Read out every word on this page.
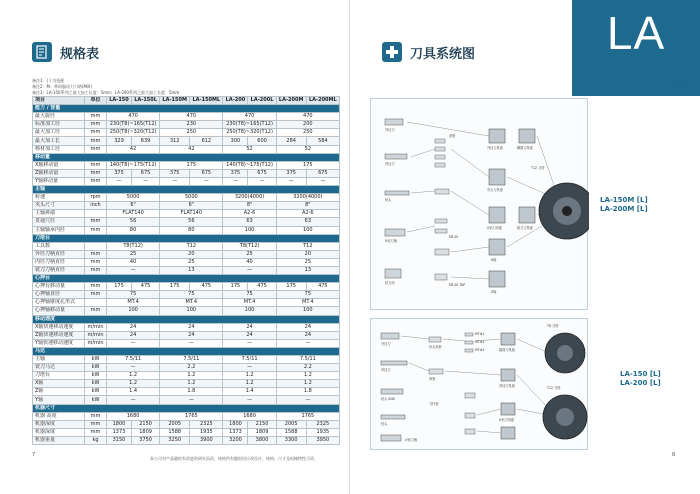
规格表
备注1：( ) 为选配
备注2：M：带伺服动力刀塔(Mill)
备注3：LA-150系列之最大加工长度：5mm；LA-200系列之最大加工长度：5mm
项目	单位	LA-150	LA-150L	LA-150M	LA-150ML	LA-200	LA-200L	LA-200M	LA-200ML
能力 / 容量									
最大旋径	mm	470		470		470		470	
标准加工径	mm	230(T8)~165(T12)		230		230(T8)~165(T12)		200	
最大加工径	mm	250(T8)~320(T12)		250		250(T8)~320(T12)		250	
最大加工长	mm	329	639	312	612	300	600	284	584
棒材加工径	mm	42		42		52		52	
移动量									
X轴移动量	mm	140(T8)~175(T12)		175		140(T8)~175(T12)		175	
Z轴移动量	mm	375	675	375	675	375	675	375	675
Y轴移动量	mm	—	—	—	—	—	—	—	—
主轴									
转速	rpm	5000		5000		3200(4000)		3200(4000)	
夹头尺寸	inch	6"		6"		8"		8"	
主轴鼻端		FLAT140		FLAT140		A2-6		A2-6	
贯通穴径	mm	56		56		63		63	
主轴轴承内径	mm	80		80		100		100	
刀塔台									
工具数		T8(T12)		T12		T8(T12)		T12	
外径刀柄直径	mm	25		20		25		20	
内径刀柄直径	mm	40		25		40		25	
铣刀刀柄直径	mm	—		13		—		13	
心押台									
心押台移动量	mm	175	475	175	475	175	475	175	475
心押轴直径	mm	75		75		75		75	
心押轴锥度孔形式		MT.4		MT.4		MT.4		MT.4	
心押轴移动量	mm	100		100		100		100	
移动速度									
X轴快速移动速度	m/min	24		24		24		24	
Z轴快速移动速度	m/min	24		24		24		24	
Y轴快速移动速度	m/min	—		—		—		—	
马达									
主轴	kW	7.5/11		7.5/11		7.5/11		7.5/11	
铣刀马达	kW	—		2.2		—		2.2	
刀塔台	kW	1.2		1.2		1.2		1.2	
X轴	kW	1.2		1.2		1.2		1.2	
Z轴	kW	1.4		1.8		1.4		1.8	
Y轴	kW	—		—		—		—	
机器尺寸									
机器 高度	mm	1680		1765		1680		1765	
机器深度	mm	1800	2150	2005	2325	1800	2150	2005	2325
机器深度	mm	1373	1809	1588	1935	1373	1809	1588	1935
机器重量	kg	3150	3750	3250	3900	3200	3800	3300	3950
本公司对产品随时有改进的研究而改，规格所有随时因应改设计，规格，尺寸及机械特性可改。
7
LA
150/200 系列
刀具系统图
外径刀
内径刀
钻头
U钻刀柄
套管
ER-20
ER-20 TAP
外径刀具座	横置刀具座
X轴
Z轴
T12 刀塔
钻刀用
夹头刀具座
铣刀刀具座
U钻刀具座
LA-150M [L]
LA-200M [L]
外径刀
内径刀
钻头 Ø40
钻头
U钻刀柄
钻头用套
套管
刀杆套
MT#1
MT#2
MT#3	端面刀具座
T8 刀塔
T12 刀塔
内径刀具座
U钻刀具座
LA-150 [L]
LA-200 [L]
8
